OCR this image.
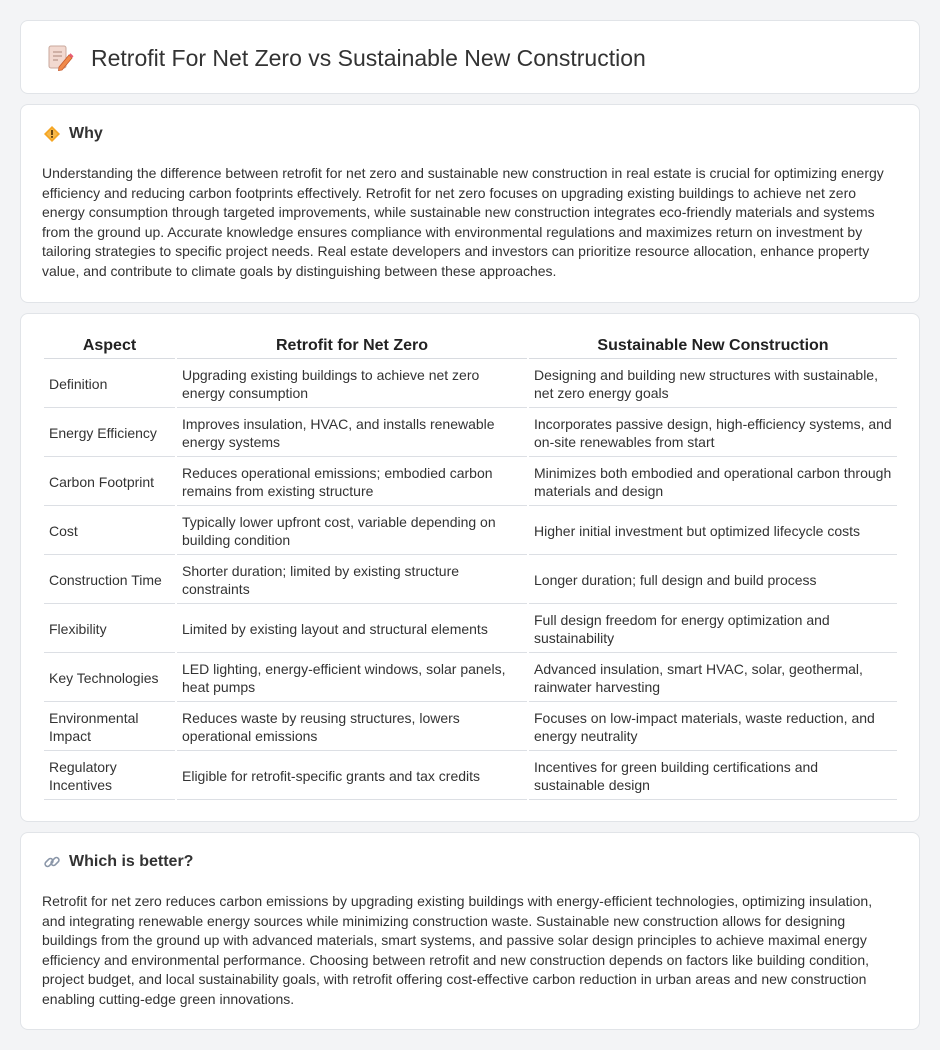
Retrofit For Net Zero vs Sustainable New Construction
Why

Understanding the difference between retrofit for net zero and sustainable new construction in real estate is crucial for optimizing energy efficiency and reducing carbon footprints effectively. Retrofit for net zero focuses on upgrading existing buildings to achieve net zero energy consumption through targeted improvements, while sustainable new construction integrates eco-friendly materials and systems from the ground up. Accurate knowledge ensures compliance with environmental regulations and maximizes return on investment by tailoring strategies to specific project needs. Real estate developers and investors can prioritize resource allocation, enhance property value, and contribute to climate goals by distinguishing between these approaches.

Aspect	Retrofit for Net Zero	Sustainable New Construction
Definition	Upgrading existing buildings to achieve net zero energy consumption	Designing and building new structures with sustainable, net zero energy goals
Energy Efficiency	Improves insulation, HVAC, and installs renewable energy systems	Incorporates passive design, high-efficiency systems, and on-site renewables from start
Carbon Footprint	Reduces operational emissions; embodied carbon remains from existing structure	Minimizes both embodied and operational carbon through materials and design
Cost	Typically lower upfront cost, variable depending on building condition	Higher initial investment but optimized lifecycle costs
Construction Time	Shorter duration; limited by existing structure constraints	Longer duration; full design and build process
Flexibility	Limited by existing layout and structural elements	Full design freedom for energy optimization and sustainability
Key Technologies	LED lighting, energy-efficient windows, solar panels, heat pumps	Advanced insulation, smart HVAC, solar, geothermal, rainwater harvesting
Environmental Impact	Reduces waste by reusing structures, lowers operational emissions	Focuses on low-impact materials, waste reduction, and energy neutrality
Regulatory Incentives	Eligible for retrofit-specific grants and tax credits	Incentives for green building certifications and sustainable design
Which is better?

Retrofit for net zero reduces carbon emissions by upgrading existing buildings with energy-efficient technologies, optimizing insulation, and integrating renewable energy sources while minimizing construction waste. Sustainable new construction allows for designing buildings from the ground up with advanced materials, smart systems, and passive solar design principles to achieve maximal energy efficiency and environmental performance. Choosing between retrofit and new construction depends on factors like building condition, project budget, and local sustainability goals, with retrofit offering cost-effective carbon reduction in urban areas and new construction enabling cutting-edge green innovations.
